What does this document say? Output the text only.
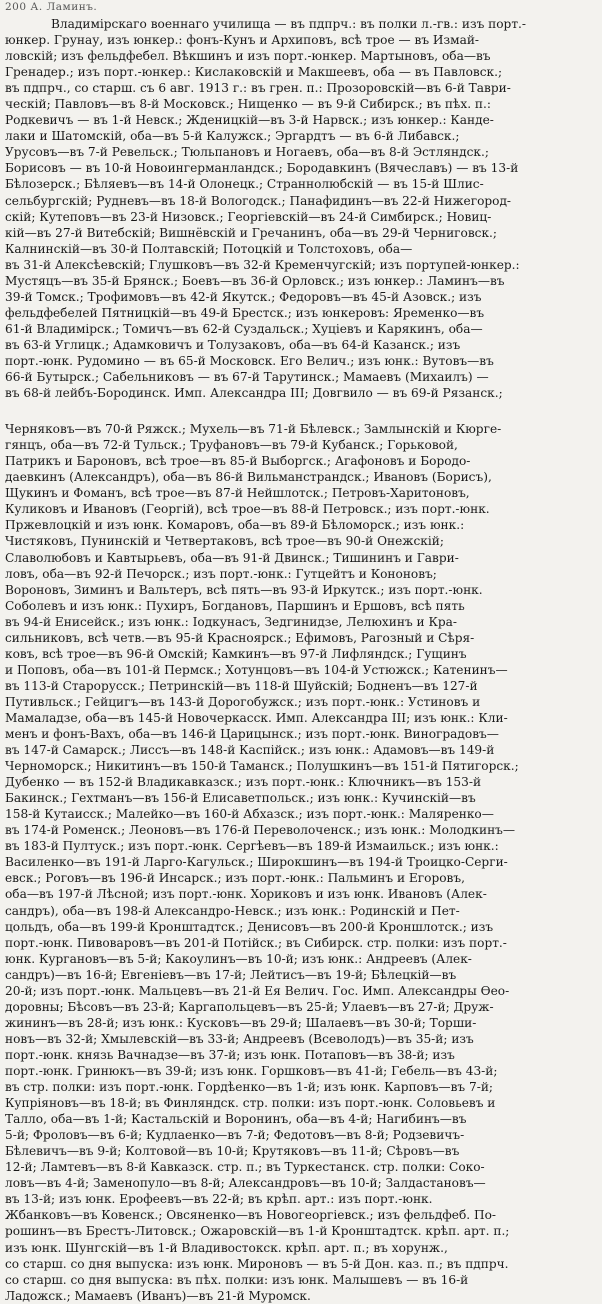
200 А. Ламинъ.
Владимірскаго военнаго училища — въ пдпрч.: въ полки л.-гв.: изъ порт.-
юнкер. Грунау, изъ юнкер.: фонъ-Кунъ и Архиповъ, всѣ трое — въ Измай-
ловскій; изъ фельдфебел. Вѣкшинъ и изъ порт.-юнкер. Мартыновъ, оба—въ
Гренадер.; изъ порт.-юнкер.: Кислаковскій и Макшеевъ, оба — въ Павловск.;
въ пдпрч., со старш. съ 6 авг. 1913 г.: въ грен. п.: Прозоровскій—въ 6-й Таври-
ческій; Павловъ—въ 8-й Московск.; Нищенко — въ 9-й Сибирск.; въ пѣх. п.:
Родкевичъ — въ 1-й Невск.; Жденицкій—въ 3-й Нарвск.; изъ юнкер.: Канде-
лаки и Шатомскій, оба—въ 5-й Калужск.; Эргардтъ — въ 6-й Либавск.;
Урусовъ—въ 7-й Ревельск.; Тюльпановъ и Ногаевъ, оба—въ 8-й Эстляндск.;
Борисовъ — въ 10-й Новоингерманландск.; Бородавкинъ (Вячеславъ) — въ 13-й
Бѣлозерск.; Бѣляевъ—въ 14-й Олонецк.; Страннолюбскій — въ 15-й Шлис-
сельбургскій; Рудневъ—въ 18-й Вологодск.; Панафидинъ—въ 22-й Нижегород-
скій; Кутеповъ—въ 23-й Низовск.; Георгіевскій—въ 24-й Симбирск.; Новиц-
кій—въ 27-й Витебскій; Вишнёвскій и Гречанинъ, оба—въ 29-й Черниговск.;
Калнинскій—въ 30-й Полтавскій; Потоцкій и Толстоховъ, оба—
въ 31-й Алексѣевскій; Глушковъ—въ 32-й Кременчугскій; изъ портупей-юнкер.:
Мустяцъ—въ 35-й Брянск.; Боевъ—въ 36-й Орловск.; изъ юнкер.: Ламинъ—въ
39-й Томск.; Трофимовъ—въ 42-й Якутск.; Федоровъ—въ 45-й Азовск.; изъ
фельдфебелей Пятницкій—въ 49-й Брестск.; изъ юнкеровъ: Яременко—въ
61-й Владимірск.; Томичъ—въ 62-й Суздальск.; Хуціевъ и Карякинъ, оба—
въ 63-й Углицк.; Адамковичъ и Толузаковъ, оба—въ 64-й Казанск.; изъ
порт.-юнк. Рудомино — въ 65-й Московск. Его Велич.; изъ юнк.: Вутовъ—въ
66-й Бутырск.; Сабельниковъ — въ 67-й Тарутинск.; Мамаевъ (Михаилъ) —
въ 68-й лейбъ-Бородинск. Имп. Александра III; Довгвило — въ 69-й Рязанск.;
Черняковъ—въ 70-й Ряжск.; Мухель—въ 71-й Бѣлевск.; Замлынскій и Кюрге-
гянцъ, оба—въ 72-й Тульск.; Труфановъ—въ 79-й Кубанск.; Горьковой,
Патрикъ и Бароновъ, всѣ трое—въ 85-й Выборгск.; Агафоновъ и Бородо-
даевкинъ (Александръ), оба—въ 86-й Вильманстрандск.; Ивановъ (Борисъ),
Щукинъ и Фоманъ, всѣ трое—въ 87-й Нейшлотск.; Петровъ-Харитоновъ,
Куликовъ и Ивановъ (Георгій), всѣ трое—въ 88-й Петровск.; изъ порт.-юнк.
Пржевлоцкій и изъ юнк. Комаровъ, оба—въ 89-й Бѣломорск.; изъ юнк.:
Чистяковъ, Пунинскій и Четвертаковъ, всѣ трое—въ 90-й Онежскій;
Славолюбовъ и Кавтырьевъ, оба—въ 91-й Двинск.; Тишининъ и Гаври-
ловъ, оба—въ 92-й Печорск.; изъ порт.-юнк.: Гутцейтъ и Кононовъ;
Вороновъ, Зиминъ и Вальтеръ, всѣ пять—въ 93-й Иркутск.; изъ порт.-юнк.
Соболевъ и изъ юнк.: Пухиръ, Богдановъ, Паршинъ и Ершовъ, всѣ пять
въ 94-й Енисейск.; изъ юнк.: Іодкунасъ, Зедгинидзе, Лелюхинъ и Кра-
сильниковъ, всѣ четв.—въ 95-й Красноярск.; Ефимовъ, Рагозный и Сѣря-
ковъ, всѣ трое—въ 96-й Омскій; Камкинъ—въ 97-й Лифляндск.; Гущинъ
и Поповъ, оба—въ 101-й Пермск.; Хотунцовъ—въ 104-й Устюжск.; Катенинъ—
въ 113-й Старорусск.; Петринскій—въ 118-й Шуйскій; Бодненъ—въ 127-й
Путивльск.; Гейцигъ—въ 143-й Дорогобужск.; изъ порт.-юнк.: Устиновъ и
Мамаладзе, оба—въ 145-й Новочеркасск. Имп. Александра III; изъ юнк.: Кли-
менъ и фонъ-Вахъ, оба—въ 146-й Царицынск.; изъ порт.-юнк. Виноградовъ—
въ 147-й Самарск.; Лиссъ—въ 148-й Каспійск.; изъ юнк.: Адамовъ—въ 149-й
Черноморск.; Никитинъ—въ 150-й Таманск.; Полушкинъ—въ 151-й Пятигорск.;
Дубенко — въ 152-й Владикавказск.; изъ порт.-юнк.: Ключникъ—въ 153-й
Бакинск.; Гехтманъ—въ 156-й Елисаветпольск.; изъ юнк.: Кучинскій—въ
158-й Кутаисск.; Малейко—въ 160-й Абхазск.; изъ порт.-юнк.: Маляренко—
въ 174-й Роменск.; Леоновъ—въ 176-й Переволоченск.; изъ юнк.: Молодкинъ—
въ 183-й Пултуск.; изъ порт.-юнк. Сергѣевъ—въ 189-й Измаильск.; изъ юнк.:
Василенко—въ 191-й Ларго-Кагульск.; Широкшинъ—въ 194-й Троицко-Серги-
евск.; Роговъ—въ 196-й Инсарск.; изъ порт.-юнк.: Пальминъ и Егоровъ,
оба—въ 197-й Лѣсной; изъ порт.-юнк. Хориковъ и изъ юнк. Ивановъ (Алек-
сандръ), оба—въ 198-й Александро-Невск.; изъ юнк.: Родинскій и Пет-
цольдъ, оба—въ 199-й Кронштадтск.; Денисовъ—въ 200-й Кроншлотск.; изъ
порт.-юнк. Пивоваровъ—въ 201-й Потійск.; въ Сибирск. стр. полки: изъ порт.-
юнк. Кургановъ—въ 5-й; Какоулинъ—въ 10-й; изъ юнк.: Андреевъ (Алек-
сандръ)—въ 16-й; Евгеніевъ—въ 17-й; Лейтисъ—въ 19-й; Бѣлецкій—въ
20-й; изъ порт.-юнк. Мальцевъ—въ 21-й Ея Велич. Гос. Имп. Александры Ѳео-
доровны; Бѣсовъ—въ 23-й; Каргапольцевъ—въ 25-й; Улаевъ—въ 27-й; Друж-
жининъ—въ 28-й; изъ юнк.: Кусковъ—въ 29-й; Шалаевъ—въ 30-й; Торши-
новъ—въ 32-й; Хмылевскій—въ 33-й; Андреевъ (Всеволодъ)—въ 35-й; изъ
порт.-юнк. князь Вачнадзе—въ 37-й; изъ юнк. Потаповъ—въ 38-й; изъ
порт.-юнк. Гринюкъ—въ 39-й; изъ юнк. Горшковъ—въ 41-й; Гебель—въ 43-й;
въ стр. полки: изъ порт.-юнк. Гордѣенко—въ 1-й; изъ юнк. Карповъ—въ 7-й;
Купріяновъ—въ 18-й; въ Финляндск. стр. полки: изъ порт.-юнк. Соловьевъ и
Талло, оба—въ 1-й; Кастальскій и Воронинъ, оба—въ 4-й; Нагибинъ—въ
5-й; Фроловъ—въ 6-й; Кудлаенко—въ 7-й; Федотовъ—въ 8-й; Родзевичъ-
Бѣлевичъ—въ 9-й; Колтовой—въ 10-й; Крутяковъ—въ 11-й; Сѣровъ—въ
12-й; Ламтевъ—въ 8-й Кавказск. стр. п.; въ Туркестанск. стр. полки: Соко-
ловъ—въ 4-й; Заменопуло—въ 8-й; Александровъ—въ 10-й; Залдастановъ—
въ 13-й; изъ юнк. Ерофеевъ—въ 22-й; въ крѣп. арт.: изъ порт.-юнк.
Жбанковъ—въ Ковенск.; Овсяненко—въ Новогеоргіевск.; изъ фельдфеб. По-
рошинъ—въ Брестъ-Литовск.; Ожаровскій—въ 1-й Кронштадтск. крѣп. арт. п.;
изъ юнк. Шунгскій—въ 1-й Владивостокск. крѣп. арт. п.; въ хорунж.,
со старш. со дня выпуска: изъ юнк. Мироновъ — въ 5-й Дон. каз. п.; въ пдпрч.
со старш. со дня выпуска: въ пѣх. полки: изъ юнк. Малышевъ — въ 16-й
Ладожск.; Мамаевъ (Иванъ)—въ 21-й Муромск.
